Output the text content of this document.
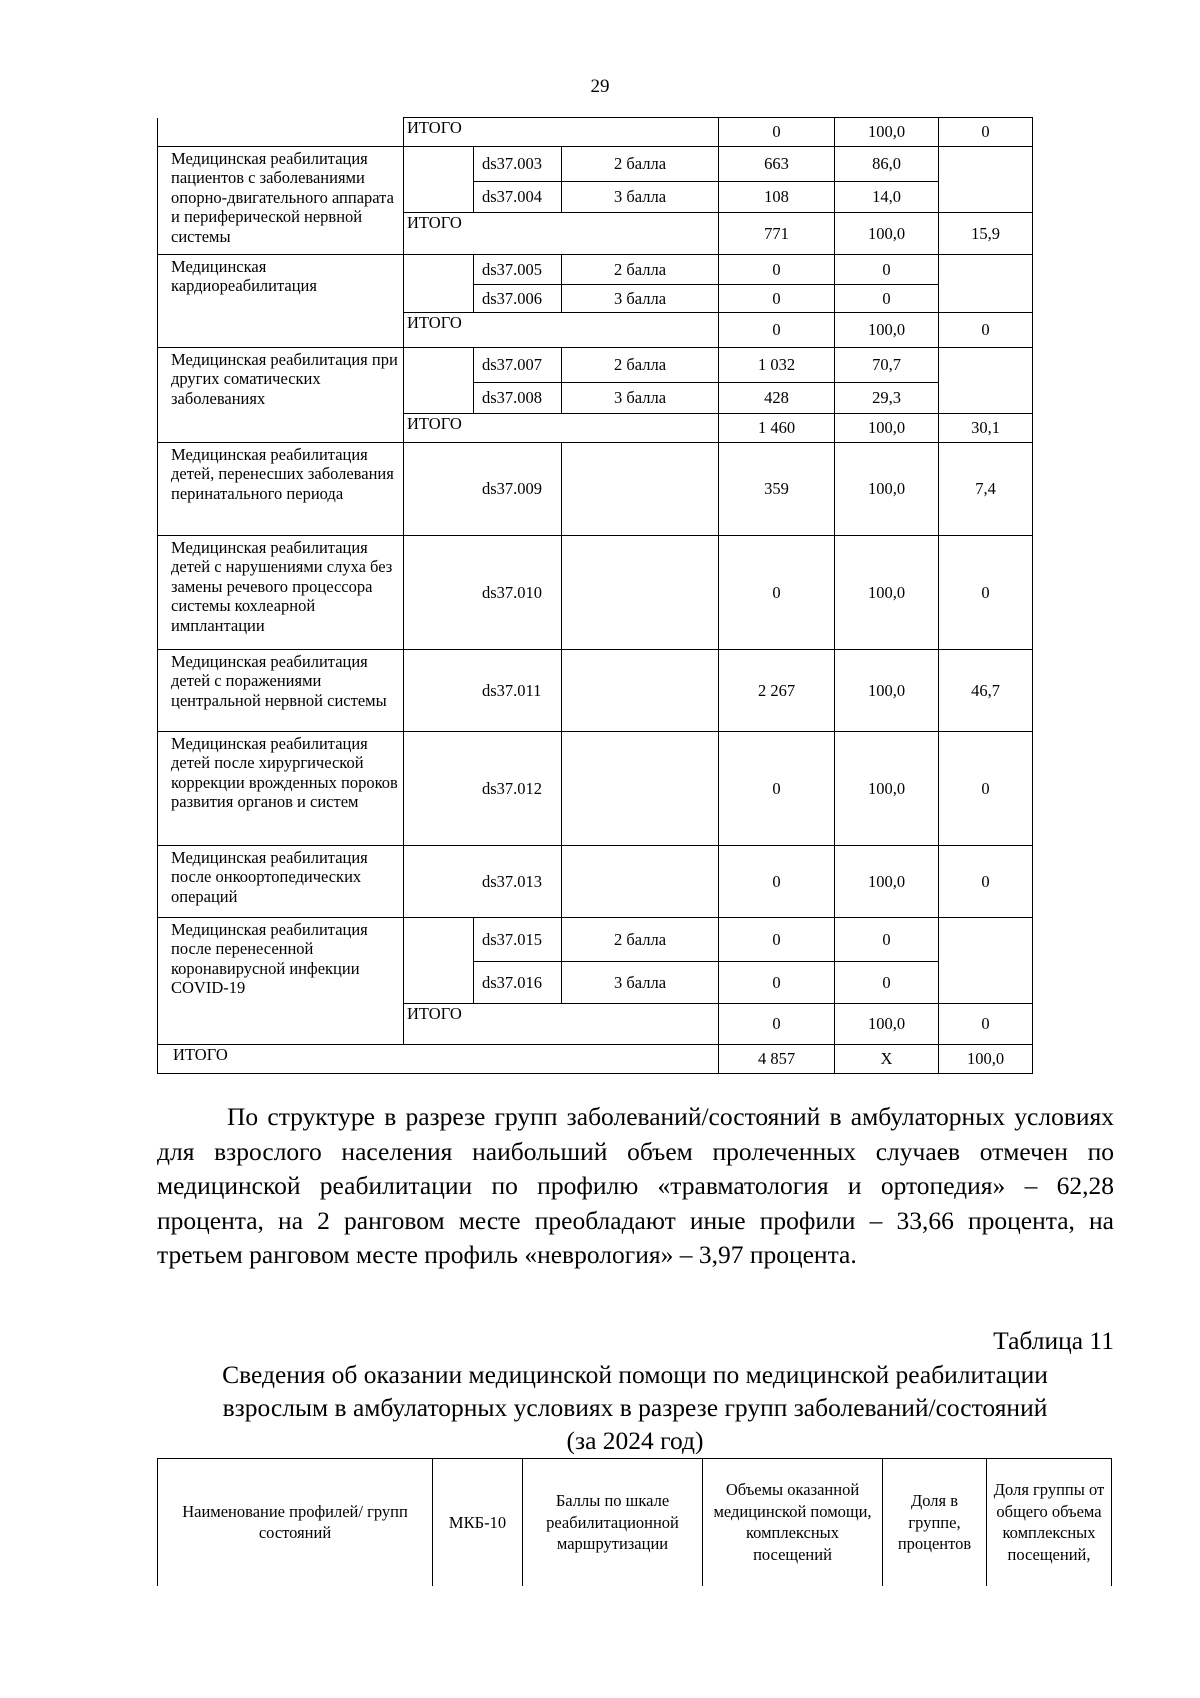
29
	ИТОГО			0	100,0	0
Медицинская реабилитация пациентов с заболеваниями опорно-двигательного аппарата и периферической нервной системы		ds37.003	2 балла	663	86,0	
		ds37.004	3 балла	108	14,0	
	ИТОГО			771	100,0	15,9
Медицинская кардиореабилитация		ds37.005	2 балла	0	0	
		ds37.006	3 балла	0	0	
	ИТОГО			0	100,0	0
Медицинская реабилитация при других соматических заболеваниях		ds37.007	2 балла	1 032	70,7	
		ds37.008	3 балла	428	29,3	
	ИТОГО			1 460	100,0	30,1
Медицинская реабилитация детей, перенесших заболевания перинатального периода	ds37.009			359	100,0	7,4
Медицинская реабилитация детей с нарушениями слуха без замены речевого процессора системы кохлеарной имплантации	ds37.010			0	100,0	0
Медицинская реабилитация детей с поражениями центральной нервной системы	ds37.011			2 267	100,0	46,7
Медицинская реабилитация детей после хирургической коррекции врожденных пороков развития органов и систем	ds37.012			0	100,0	0
Медицинская реабилитация после онкоортопедических операций	ds37.013			0	100,0	0
Медицинская реабилитация после перенесенной коронавирусной инфекции COVID-19		ds37.015	2 балла	0	0	
		ds37.016	3 балла	0	0	
	ИТОГО			0	100,0	0
ИТОГО				4 857	Х	100,0

По структуре в разрезе групп заболеваний/состояний в амбулаторных условиях для взрослого населения наибольший объем пролеченных случаев отмечен по медицинской реабилитации по профилю «травматология и ортопедия» – 62,28 процента, на 2 ранговом месте преобладают иные профили – 33,66 процента, на третьем ранговом месте профиль «неврология» – 3,97 процента.

Таблица 11
Сведения об оказании медицинской помощи по медицинской реабилитации
взрослым в амбулаторных условиях в разрезе групп заболеваний/состояний
(за 2024 год)
Наименование профилей/ групп состояний	МКБ-10	Баллы по шкале реабилитационной маршрутизации	Объемы оказанной медицинской помощи, комплексных посещений	Доля в группе, процентов	Доля группы от общего объема комплексных посещений,
